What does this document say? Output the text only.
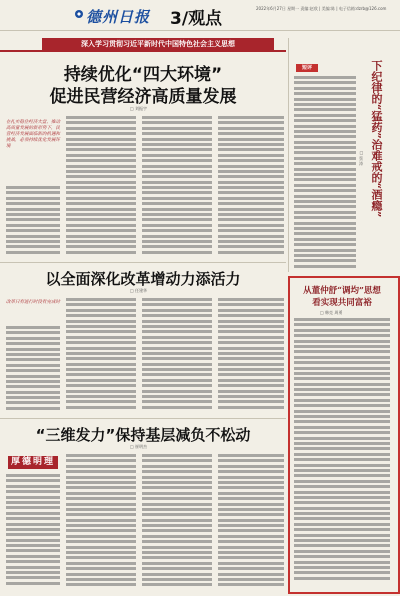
德州日报 3/观点
2022年6月27日 星期一 责编:赵欣 | 美编:陈 | 电子信箱:dzrb@126.com
深入学习贯彻习近平新时代中国特色社会主义思想
持续优化“四大环境”
促进民营经济高质量发展
□ 刘振宇
在扎实稳住经济大盘、推动高质量发展的新形势下，民营经济发展面临新的机遇和挑战，必须持续优化发展环境
以全面深化改革增动力添活力
□ 任建华
改革只有进行时没有完成时
“三维发力”保持基层减负不松动
□ 崔明杰
厚德明理
短评	下纪律的“猛药”治难戒的“酒瘾”
□ 蔡 涛
从董仲舒“调均”思想
看实现共同富裕
□ 韩克 周勇
